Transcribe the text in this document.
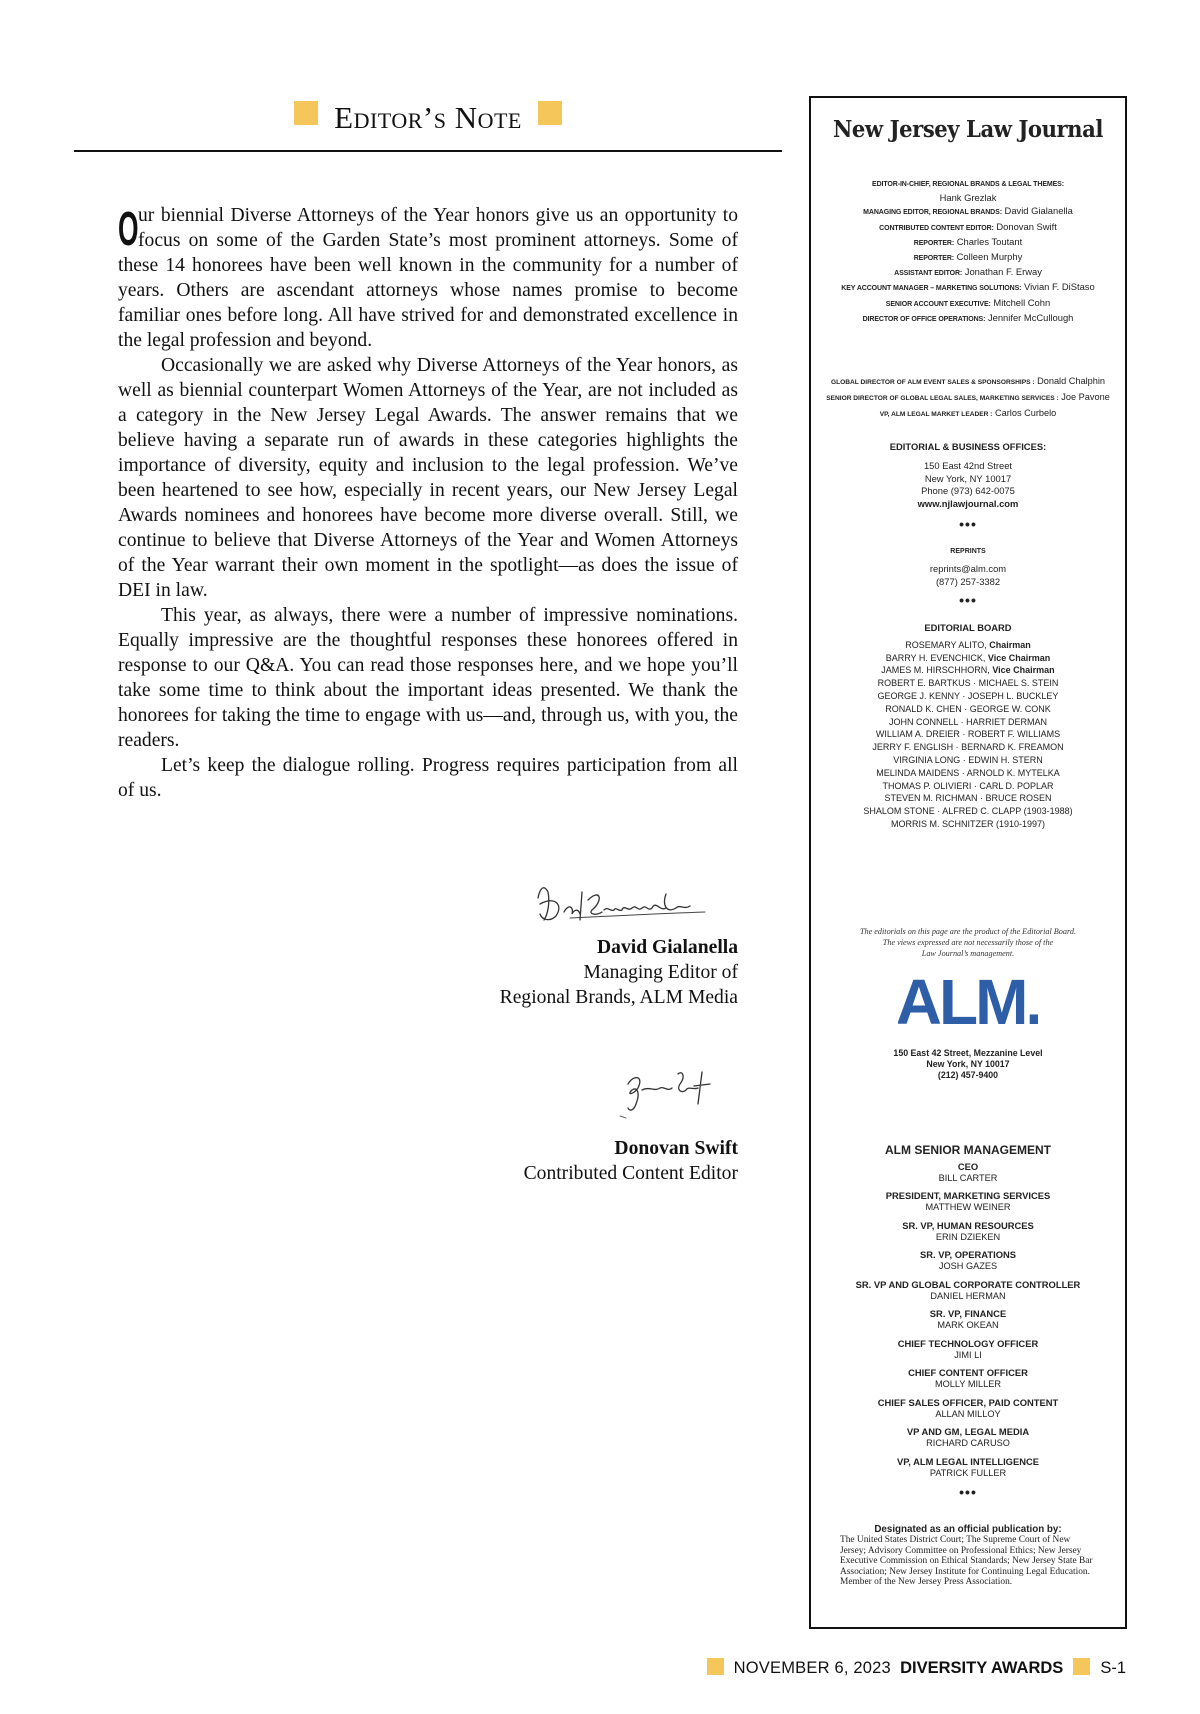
Editor’s Note

Our biennial Diverse Attorneys of the Year honors give us an opportunity to focus on some of the Garden State’s most prominent attorneys. Some of these 14 honorees have been well known in the community for a number of years. Others are ascendant attorneys whose names promise to become familiar ones before long. All have strived for and demonstrated excellence in the legal profession and beyond.

Occasionally we are asked why Diverse Attorneys of the Year honors, as well as biennial counterpart Women Attorneys of the Year, are not included as a category in the New Jersey Legal Awards. The answer remains that we believe having a separate run of awards in these categories highlights the importance of diversity, equity and inclusion to the legal profession. We’ve been heartened to see how, especially in recent years, our New Jersey Legal Awards nominees and honorees have become more diverse overall. Still, we continue to believe that Diverse Attorneys of the Year and Women Attorneys of the Year warrant their own moment in the spotlight—as does the issue of DEI in law.

This year, as always, there were a number of impressive nominations. Equally impressive are the thoughtful responses these honorees offered in response to our Q&A. You can read those responses here, and we hope you’ll take some time to think about the important ideas presented. We thank the honorees for taking the time to engage with us—and, through us, with you, the readers.

Let’s keep the dialogue rolling. Progress requires participation from all of us.

David Gialanella
Managing Editor of
Regional Brands, ALM Media
Donovan Swift
Contributed Content Editor
New Jersey Law Journal
EDITOR-IN-CHIEF, REGIONAL BRANDS & LEGAL THEMES:
Hank Grezlak
MANAGING EDITOR, REGIONAL BRANDS: David Gialanella
CONTRIBUTED CONTENT EDITOR: Donovan Swift
REPORTER: Charles Toutant
REPORTER: Colleen Murphy
ASSISTANT EDITOR: Jonathan F. Erway
KEY ACCOUNT MANAGER – MARKETING SOLUTIONS: Vivian F. DiStaso
SENIOR ACCOUNT EXECUTIVE: Mitchell Cohn
DIRECTOR OF OFFICE OPERATIONS: Jennifer McCullough
GLOBAL DIRECTOR OF ALM EVENT SALES & SPONSORSHIPS : Donald Chalphin
SENIOR DIRECTOR OF GLOBAL LEGAL SALES, MARKETING SERVICES : Joe Pavone
VP, ALM LEGAL MARKET LEADER : Carlos Curbelo
EDITORIAL & BUSINESS OFFICES:
150 East 42nd Street
New York, NY 10017
Phone (973) 642-0075
www.njlawjournal.com
•••
REPRINTS
reprints@alm.com
(877) 257-3382
•••
EDITORIAL BOARD
ROSEMARY ALITO, Chairman
BARRY H. EVENCHICK, Vice Chairman
JAMES M. HIRSCHHORN, Vice Chairman
ROBERT E. BARTKUS · MICHAEL S. STEIN
GEORGE J. KENNY · JOSEPH L. BUCKLEY
RONALD K. CHEN · GEORGE W. CONK
JOHN CONNELL · HARRIET DERMAN
WILLIAM A. DREIER · ROBERT F. WILLIAMS
JERRY F. ENGLISH · BERNARD K. FREAMON
VIRGINIA LONG · EDWIN H. STERN
MELINDA MAIDENS · ARNOLD K. MYTELKA
THOMAS P. OLIVIERI · CARL D. POPLAR
STEVEN M. RICHMAN · BRUCE ROSEN
SHALOM STONE · ALFRED C. CLAPP (1903-1988)
MORRIS M. SCHNITZER (1910-1997)
The editorials on this page are the product of the Editorial Board.
The views expressed are not necessarily those of the
Law Journal’s management.
ALM.
150 East 42 Street, Mezzanine Level
New York, NY 10017
(212) 457-9400
ALM SENIOR MANAGEMENT
CEO
BILL CARTER
PRESIDENT, MARKETING SERVICES
MATTHEW WEINER
SR. VP, HUMAN RESOURCES
ERIN DZIEKEN
SR. VP, OPERATIONS
JOSH GAZES
SR. VP AND GLOBAL CORPORATE CONTROLLER
DANIEL HERMAN
SR. VP, FINANCE
MARK OKEAN
CHIEF TECHNOLOGY OFFICER
JIMI LI
CHIEF CONTENT OFFICER
MOLLY MILLER
CHIEF SALES OFFICER, PAID CONTENT
ALLAN MILLOY
VP AND GM, LEGAL MEDIA
RICHARD CARUSO
VP, ALM LEGAL INTELLIGENCE
PATRICK FULLER
•••
Designated as an official publication by:
The United States District Court; The Supreme Court of New Jersey; Advisory Committee on Professional Ethics; New Jersey Executive Commission on Ethical Standards; New Jersey State Bar Association; New Jersey Institute for Continuing Legal Education. Member of the New Jersey Press Association.
NOVEMBER 6, 2023 DIVERSITY AWARDS S-1
